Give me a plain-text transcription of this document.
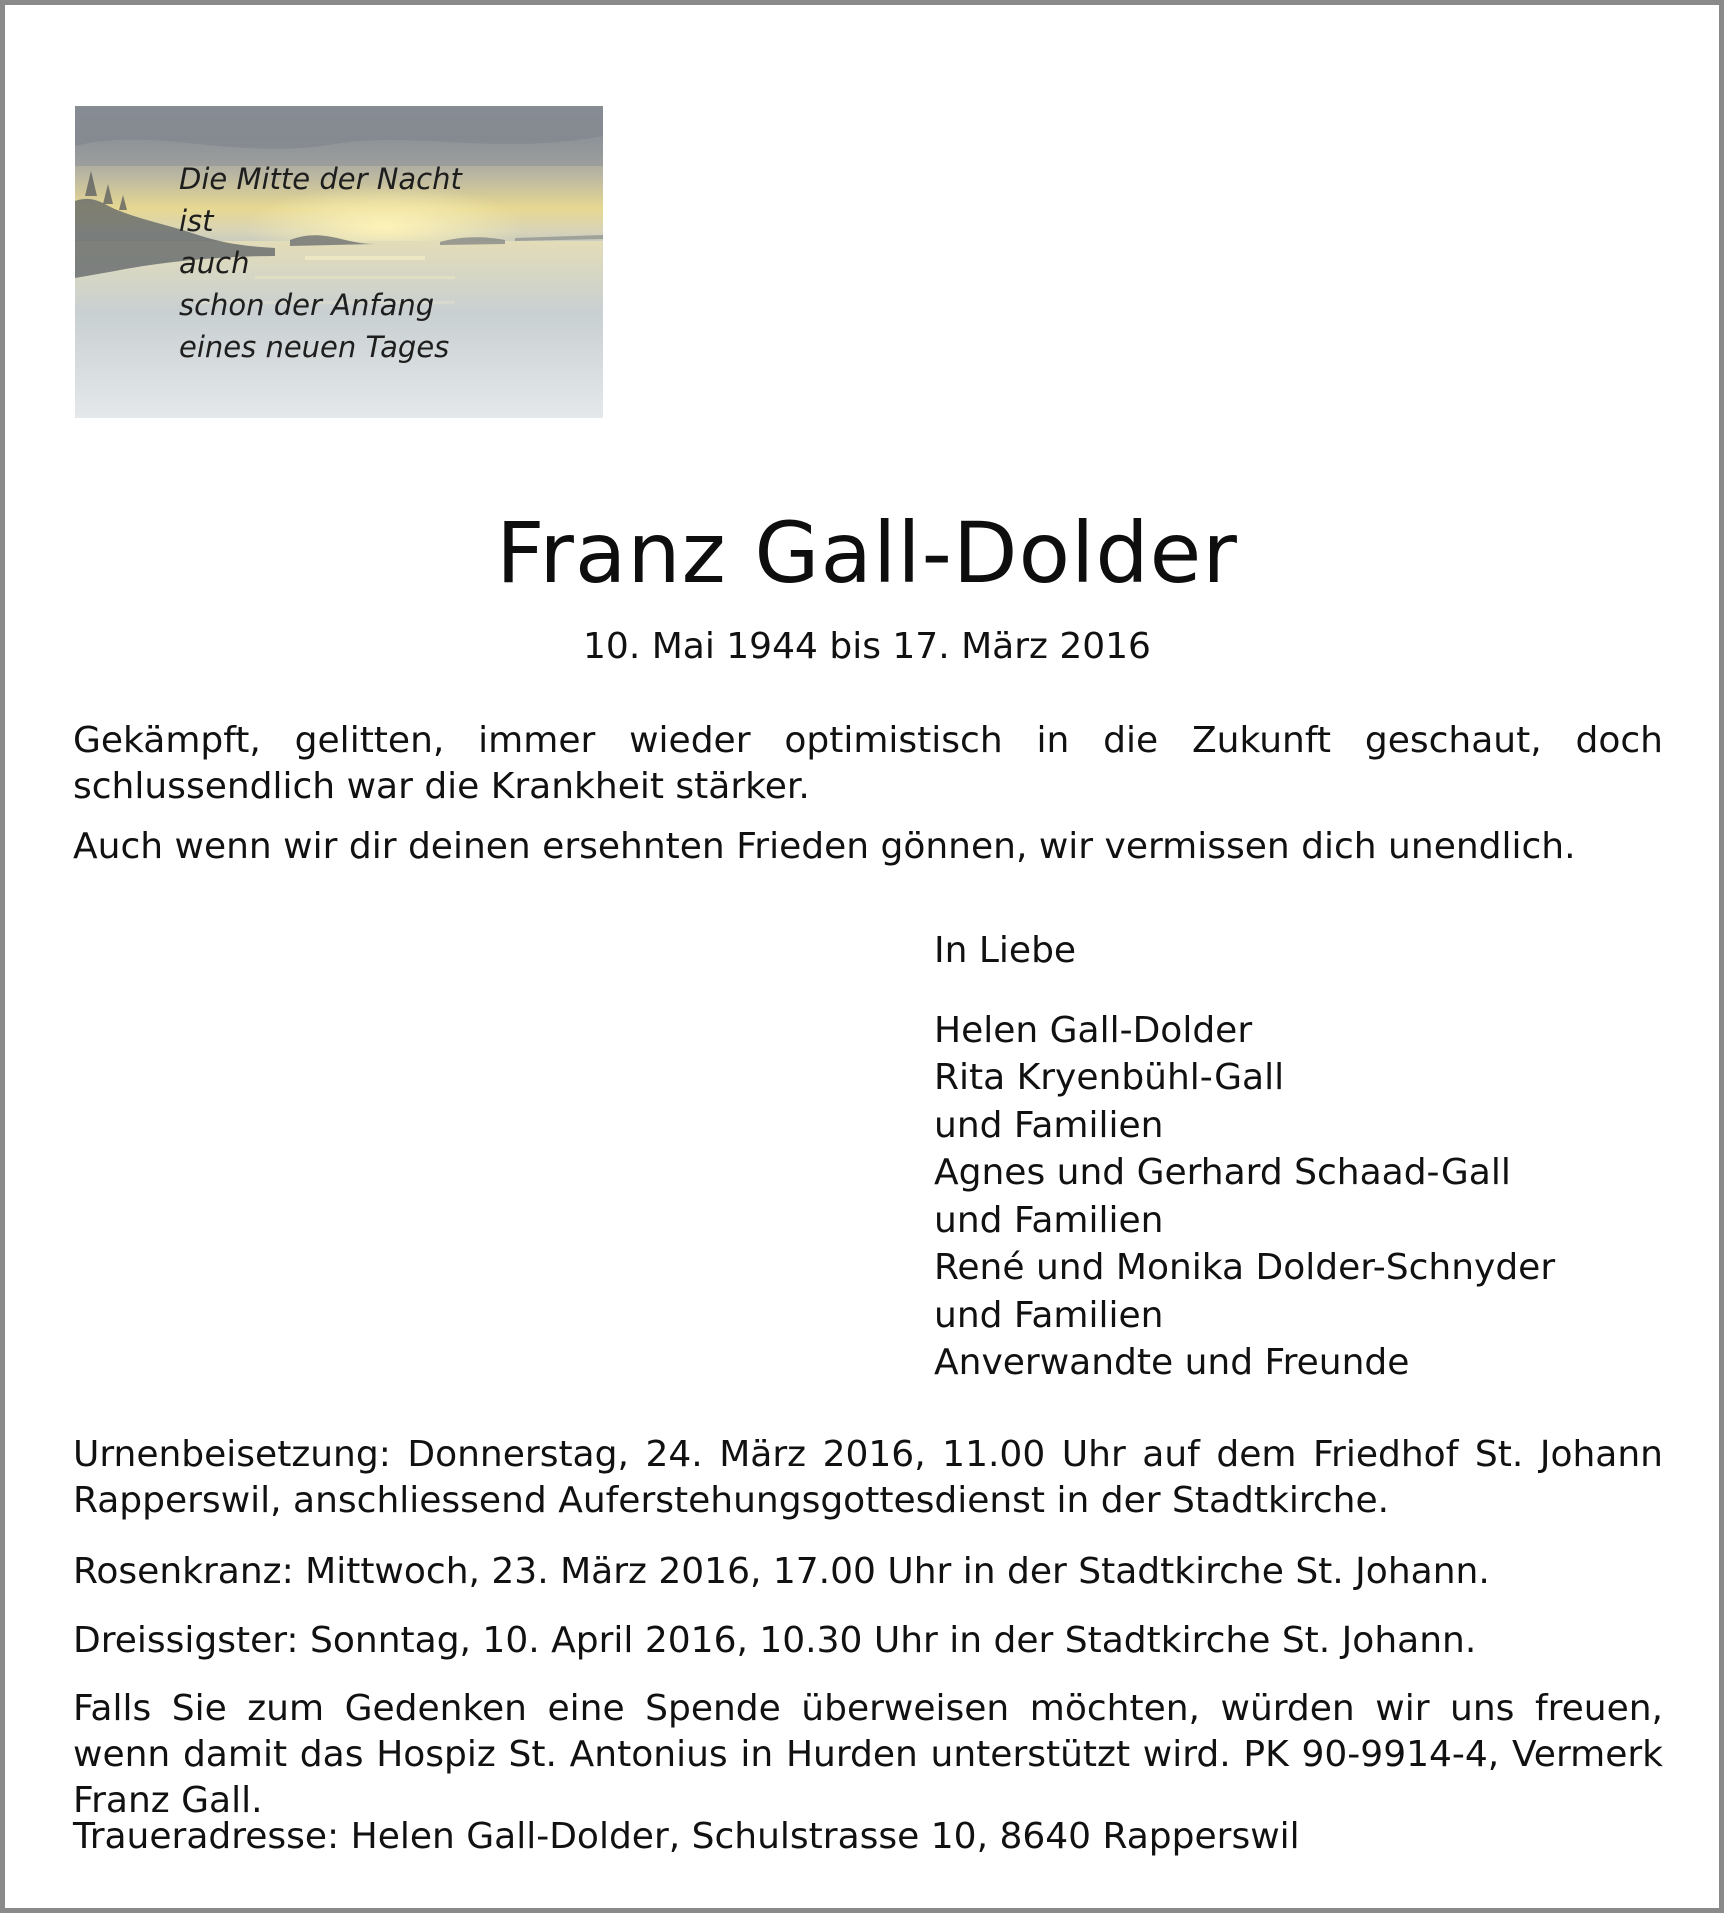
Die Mitte der Nacht
ist
auch
schon der Anfang
eines neuen Tages
Franz Gall-Dolder
10. Mai 1944 bis 17. März 2016
Gekämpft, gelitten, immer wieder optimistisch in die Zukunft geschaut, doch schlussendlich war die Krankheit stärker.
Auch wenn wir dir deinen ersehnten Frieden gönnen, wir vermissen dich unendlich.
In Liebe
Helen Gall-Dolder
Rita Kryenbühl-Gall
und Familien
Agnes und Gerhard Schaad-Gall
und Familien
René und Monika Dolder-Schnyder
und Familien
Anverwandte und Freunde
Urnenbeisetzung: Donnerstag, 24. März 2016, 11.00 Uhr auf dem Friedhof St. Johann Rapperswil, anschliessend Auferstehungsgottesdienst in der Stadtkirche.
Rosenkranz: Mittwoch, 23. März 2016, 17.00 Uhr in der Stadtkirche St. Johann.
Dreissigster: Sonntag, 10. April 2016, 10.30 Uhr in der Stadtkirche St. Johann.
Falls Sie zum Gedenken eine Spende überweisen möchten, würden wir uns freuen, wenn damit das Hospiz St. Antonius in Hurden unterstützt wird. PK 90-9914-4, Vermerk Franz Gall.
Traueradresse: Helen Gall-Dolder, Schulstrasse 10, 8640 Rapperswil
